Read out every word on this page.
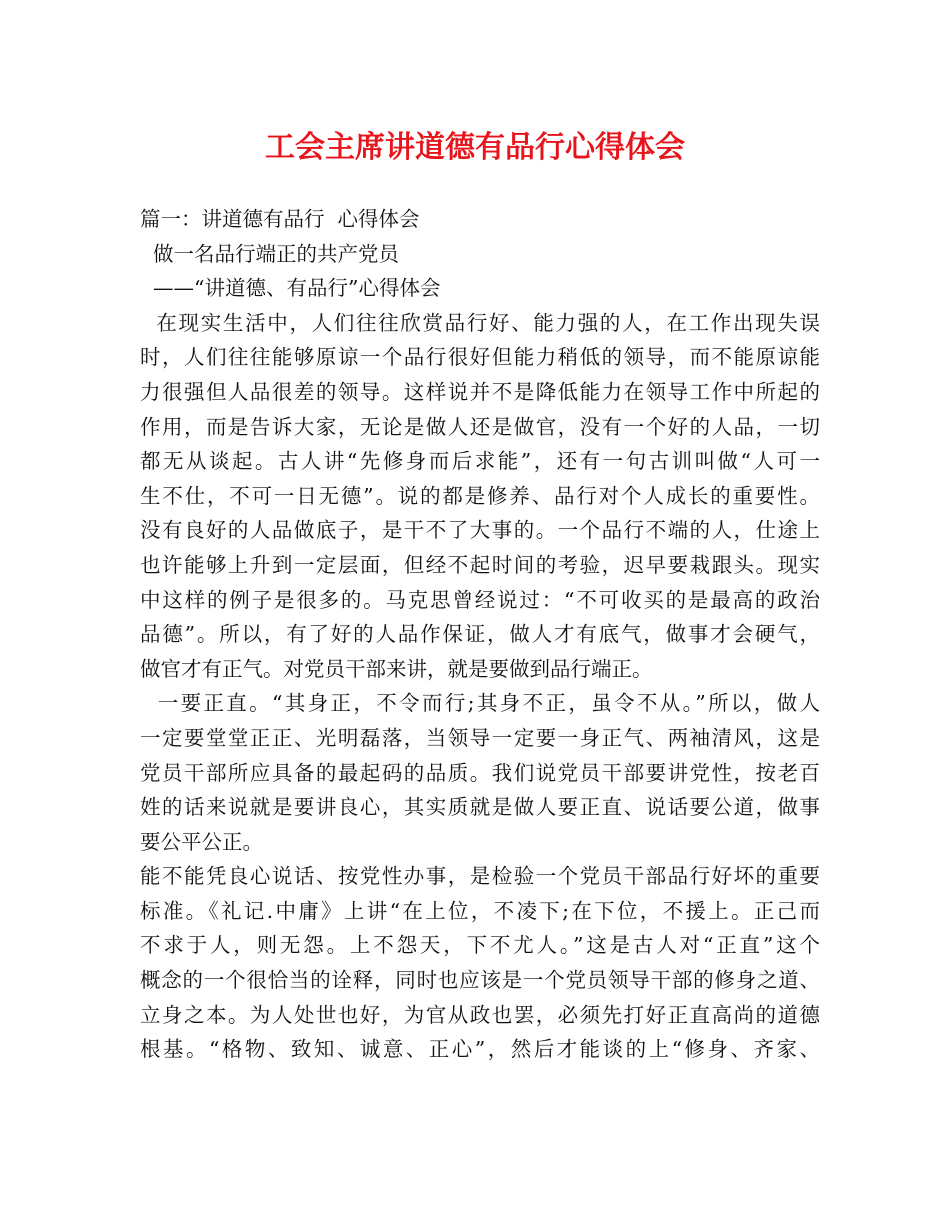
工会主席讲道德有品行心得体会
篇一：讲道德有品行  心得体会
做一名品行端正的共产党员
——“讲道德、有品行”心得体会
在现实生活中，人们往往欣赏品行好、能力强的人，在工作出现失误
时，人们往往能够原谅一个品行很好但能力稍低的领导，而不能原谅能
力很强但人品很差的领导。这样说并不是降低能力在领导工作中所起的
作用，而是告诉大家，无论是做人还是做官，没有一个好的人品，一切
都无从谈起。古人讲“先修身而后求能”，还有一句古训叫做“人可一
生不仕，不可一日无德”。说的都是修养、品行对个人成长的重要性。
没有良好的人品做底子，是干不了大事的。一个品行不端的人，仕途上
也许能够上升到一定层面，但经不起时间的考验，迟早要栽跟头。现实
中这样的例子是很多的。马克思曾经说过：“不可收买的是最高的政治
品德”。所以，有了好的人品作保证，做人才有底气，做事才会硬气，
做官才有正气。对党员干部来讲，就是要做到品行端正。
一要正直。“其身正，不令而行;其身不正，虽令不从。”所以，做人
一定要堂堂正正、光明磊落，当领导一定要一身正气、两袖清风，这是
党员干部所应具备的最起码的品质。我们说党员干部要讲党性，按老百
姓的话来说就是要讲良心，其实质就是做人要正直、说话要公道，做事
要公平公正。
能不能凭良心说话、按党性办事，是检验一个党员干部品行好坏的重要
标准。《礼记.中庸》上讲“在上位，不凌下;在下位，不援上。正己而
不求于人，则无怨。上不怨天，下不尤人。”这是古人对“正直”这个
概念的一个很恰当的诠释，同时也应该是一个党员领导干部的修身之道、
立身之本。为人处世也好，为官从政也罢，必须先打好正直高尚的道德
根基。“格物、致知、诚意、正心”，然后才能谈的上“修身、齐家、
